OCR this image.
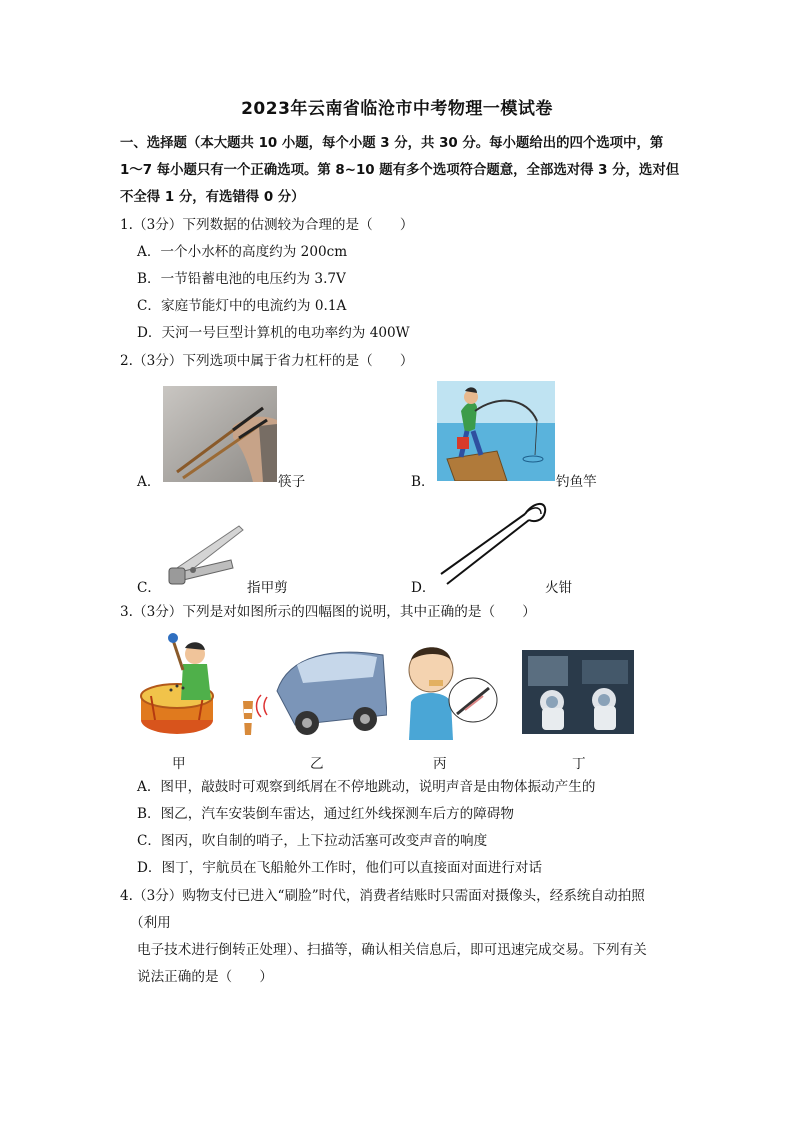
2023年云南省临沧市中考物理一模试卷
一、选择题（本大题共 10 小题，每个小题 3 分，共 30 分。每小题给出的四个选项中，第
1～7 每小题只有一个正确选项。第 8~10 题有多个选项符合题意，全部选对得 3 分，选对但
不全得 1 分，有选错得 0 分）
1.（3分）下列数据的估测较为合理的是（　　）
A．一个小水杯的高度约为 200cm
B．一节铅蓄电池的电压约为 3.7V
C．家庭节能灯中的电流约为 0.1A
D．天河一号巨型计算机的电功率约为 400W
2.（3分）下列选项中属于省力杠杆的是（　　）
A．	筷子	B．	钓鱼竿
C．	指甲剪	D．	火钳
3.（3分）下列是对如图所示的四幅图的说明，其中正确的是（　　）
甲	乙	丙	丁
A．图甲，敲鼓时可观察到纸屑在不停地跳动，说明声音是由物体振动产生的
B．图乙，汽车安装倒车雷达，通过红外线探测车后方的障碍物
C．图丙，吹自制的哨子，上下拉动活塞可改变声音的响度
D．图丁，宇航员在飞船舱外工作时，他们可以直接面对面进行对话
4.（3分）购物支付已进入“刷脸”时代，消费者结账时只需面对摄像头，经系统自动拍照
（利用
电子技术进行倒转正处理）、扫描等，确认相关信息后，即可迅速完成交易。下列有关
说法正确的是（　　）
